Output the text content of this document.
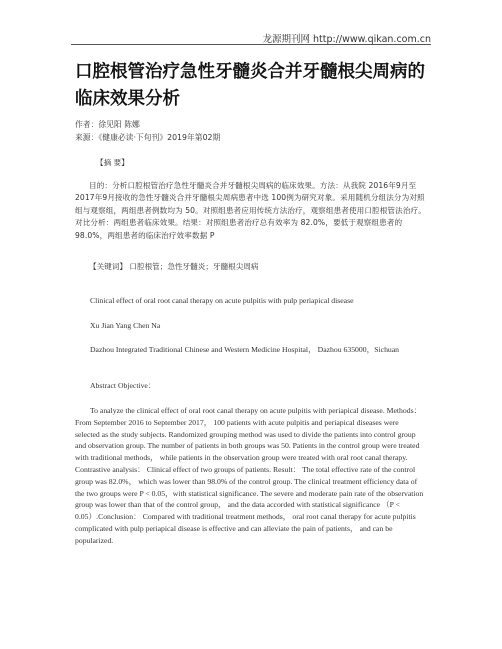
龙源期刊网 http://www.qikan.com.cn
口腔根管治疗急性牙髓炎合并牙髓根尖周病的临床效果分析
作者：徐见阳 陈娜
来源：《健康必读·下旬刊》2019年第02期
【摘 要】

目的：分析口腔根管治疗急性牙髓炎合并牙髓根尖周病的临床效果。方法：从我院 2016年9月至 2017年9月接收的急性牙髓炎合并牙髓根尖周病患者中选 100例为研究对象。采用随机分组法分为对照组与观察组，两组患者例数均为 50。对照组患者应用传统方法治疗，观察组患者使用口腔根管法治疗。对比分析：两组患者临床效果。结果：对照组患者治疗总有效率为 82.0%，要低于观察组患者的 98.0%，两组患者的临床治疗效率数据 P

【关键词】 口腔根管；急性牙髓炎；牙髓根尖周病

Clinical effect of oral root canal therapy on acute pulpitis with pulp periapical disease

Xu Jian Yang Chen Na

Dazhou Integrated Traditional Chinese and Western Medicine Hospital， Dazhou 635000，Sichuan

Abstract Objective：

To analyze the clinical effect of oral root canal therapy on acute pulpitis with periapical disease. Methods： From September 2016 to September 2017， 100 patients with acute pulpitis and periapical diseases were selected as the study subjects. Randomized grouping method was used to divide the patients into control group and observation group. The number of patients in both groups was 50. Patients in the control group were treated with traditional methods， while patients in the observation group were treated with oral root canal therapy. Contrastive analysis： Clinical effect of two groups of patients. Result： The total effective rate of the control group was 82.0%， which was lower than 98.0% of the control group. The clinical treatment efficiency data of the two groups were P < 0.05，with statistical significance. The severe and moderate pain rate of the observation group was lower than that of the control group， and the data accorded with statistical significance （P < 0.05）.Conclusion： Compared with traditional treatment methods， oral root canal therapy for acute pulpitis complicated with pulp periapical disease is effective and can alleviate the pain of patients， and can be popularized.
